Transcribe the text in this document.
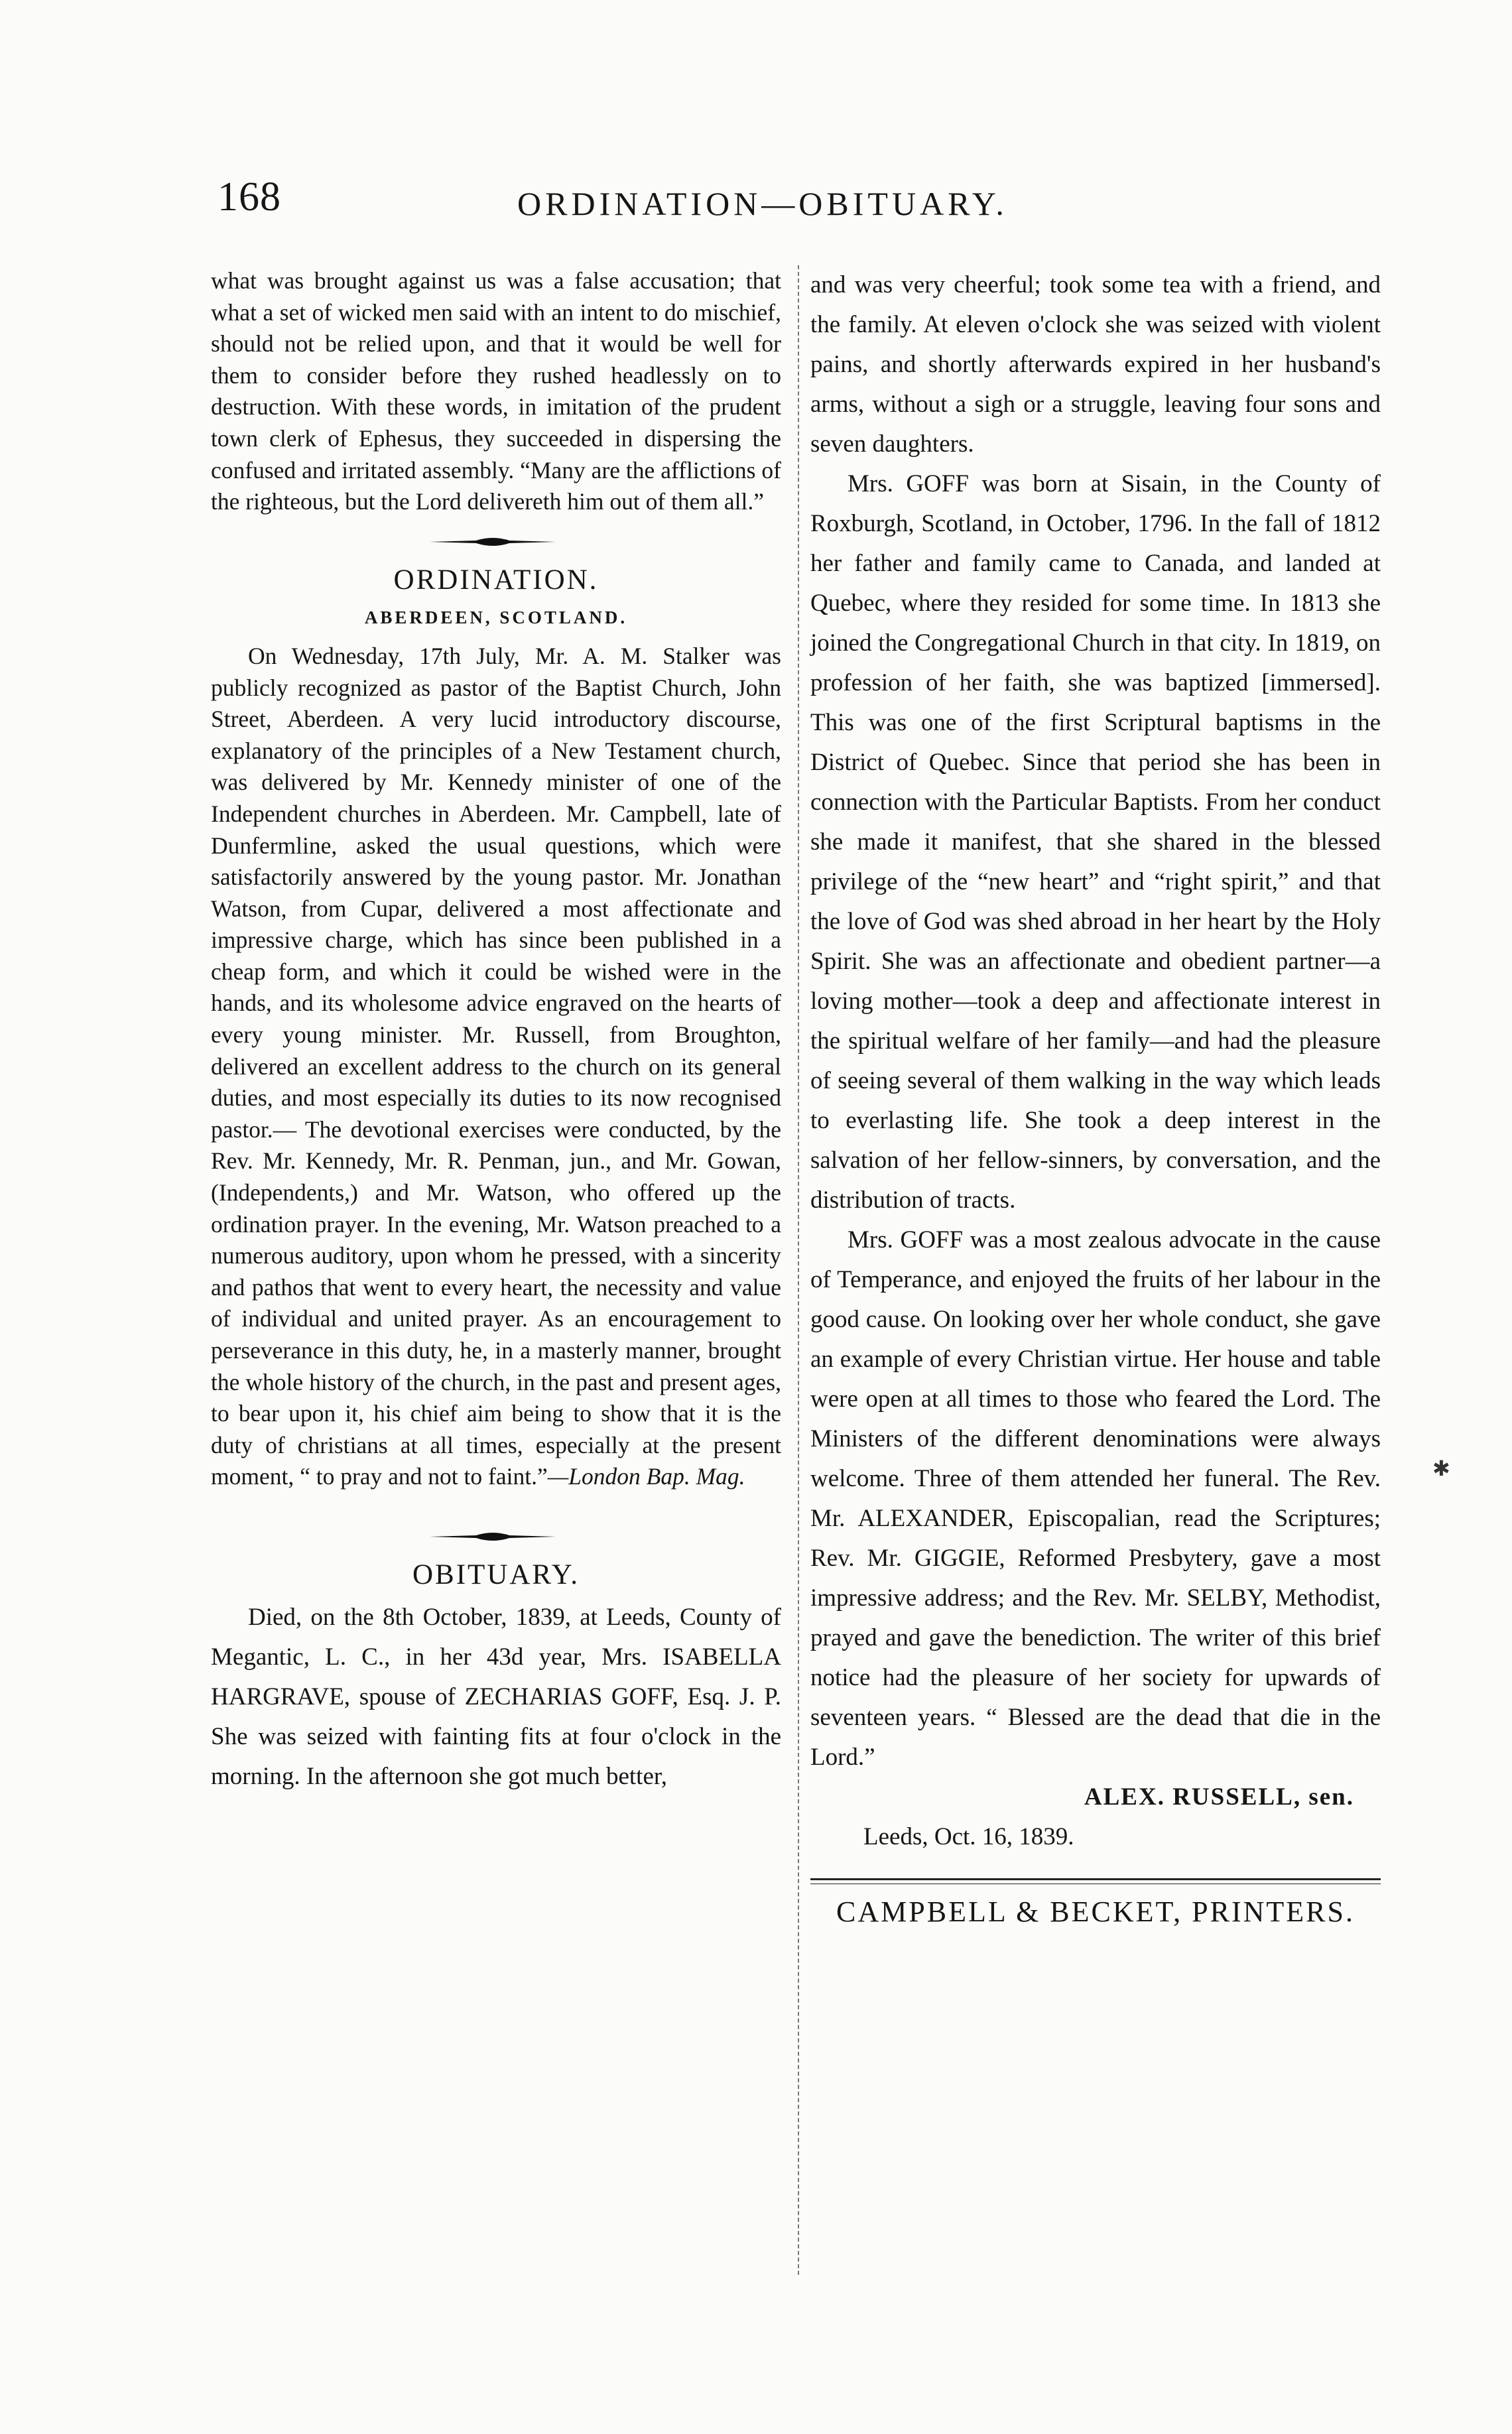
168	ORDINATION—OBITUARY.

what was brought against us was a false accusation; that what a set of wicked men said with an intent to do mischief, should not be relied upon, and that it would be well for them to consider before they rushed headlessly on to destruction. With these words, in imitation of the prudent town clerk of Ephesus, they succeeded in dispersing the confused and irritated assembly. “Many are the afflictions of the righteous, but the Lord delivereth him out of them all.”

ORDINATION.
ABERDEEN, SCOTLAND.

On Wednesday, 17th July, Mr. A. M. Stalker was publicly recognized as pastor of the Baptist Church, John Street, Aberdeen. A very lucid introductory discourse, explanatory of the principles of a New Testament church, was delivered by Mr. Kennedy minister of one of the Independent churches in Aberdeen. Mr. Campbell, late of Dunfermline, asked the usual questions, which were satisfactorily answered by the young pastor. Mr. Jonathan Watson, from Cupar, delivered a most affectionate and impressive charge, which has since been published in a cheap form, and which it could be wished were in the hands, and its wholesome advice engraved on the hearts of every young minister. Mr. Russell, from Broughton, delivered an excellent address to the church on its general duties, and most especially its duties to its now recognised pastor.— The devotional exercises were conducted, by the Rev. Mr. Kennedy, Mr. R. Penman, jun., and Mr. Gowan, (Independents,) and Mr. Watson, who offered up the ordination prayer. In the evening, Mr. Watson preached to a numerous auditory, upon whom he pressed, with a sincerity and pathos that went to every heart, the necessity and value of individual and united prayer. As an encouragement to perseverance in this duty, he, in a masterly manner, brought the whole history of the church, in the past and present ages, to bear upon it, his chief aim being to show that it is the duty of christians at all times, especially at the present moment, “ to pray and not to faint.”—London Bap. Mag.

OBITUARY.

Died, on the 8th October, 1839, at Leeds, County of Megantic, L. C., in her 43d year, Mrs. ISABELLA HARGRAVE, spouse of ZECHARIAS GOFF, Esq. J. P. She was seized with fainting fits at four o'clock in the morning. In the afternoon she got much better,

and was very cheerful; took some tea with a friend, and the family. At eleven o'clock she was seized with violent pains, and shortly afterwards expired in her husband's arms, without a sigh or a struggle, leaving four sons and seven daughters.

Mrs. GOFF was born at Sisain, in the County of Roxburgh, Scotland, in October, 1796. In the fall of 1812 her father and family came to Canada, and landed at Quebec, where they resided for some time. In 1813 she joined the Congregational Church in that city. In 1819, on profession of her faith, she was baptized [immersed]. This was one of the first Scriptural baptisms in the District of Quebec. Since that period she has been in connection with the Particular Baptists. From her conduct she made it manifest, that she shared in the blessed privilege of the “new heart” and “right spirit,” and that the love of God was shed abroad in her heart by the Holy Spirit. She was an affectionate and obedient partner—a loving mother—took a deep and affectionate interest in the spiritual welfare of her family—and had the pleasure of seeing several of them walking in the way which leads to everlasting life. She took a deep interest in the salvation of her fellow-sinners, by conversation, and the distribution of tracts.

Mrs. GOFF was a most zealous advocate in the cause of Temperance, and enjoyed the fruits of her labour in the good cause. On looking over her whole conduct, she gave an example of every Christian virtue. Her house and table were open at all times to those who feared the Lord. The Ministers of the different denominations were always welcome. Three of them attended her funeral. The Rev. Mr. ALEXANDER, Episcopalian, read the Scriptures; Rev. Mr. GIGGIE, Reformed Presbytery, gave a most impressive address; and the Rev. Mr. SELBY, Methodist, prayed and gave the benediction. The writer of this brief notice had the pleasure of her society for upwards of seventeen years. “ Blessed are the dead that die in the Lord.”

ALEX. RUSSELL, sen.

Leeds, Oct. 16, 1839.

CAMPBELL & BECKET, PRINTERS.
✱
